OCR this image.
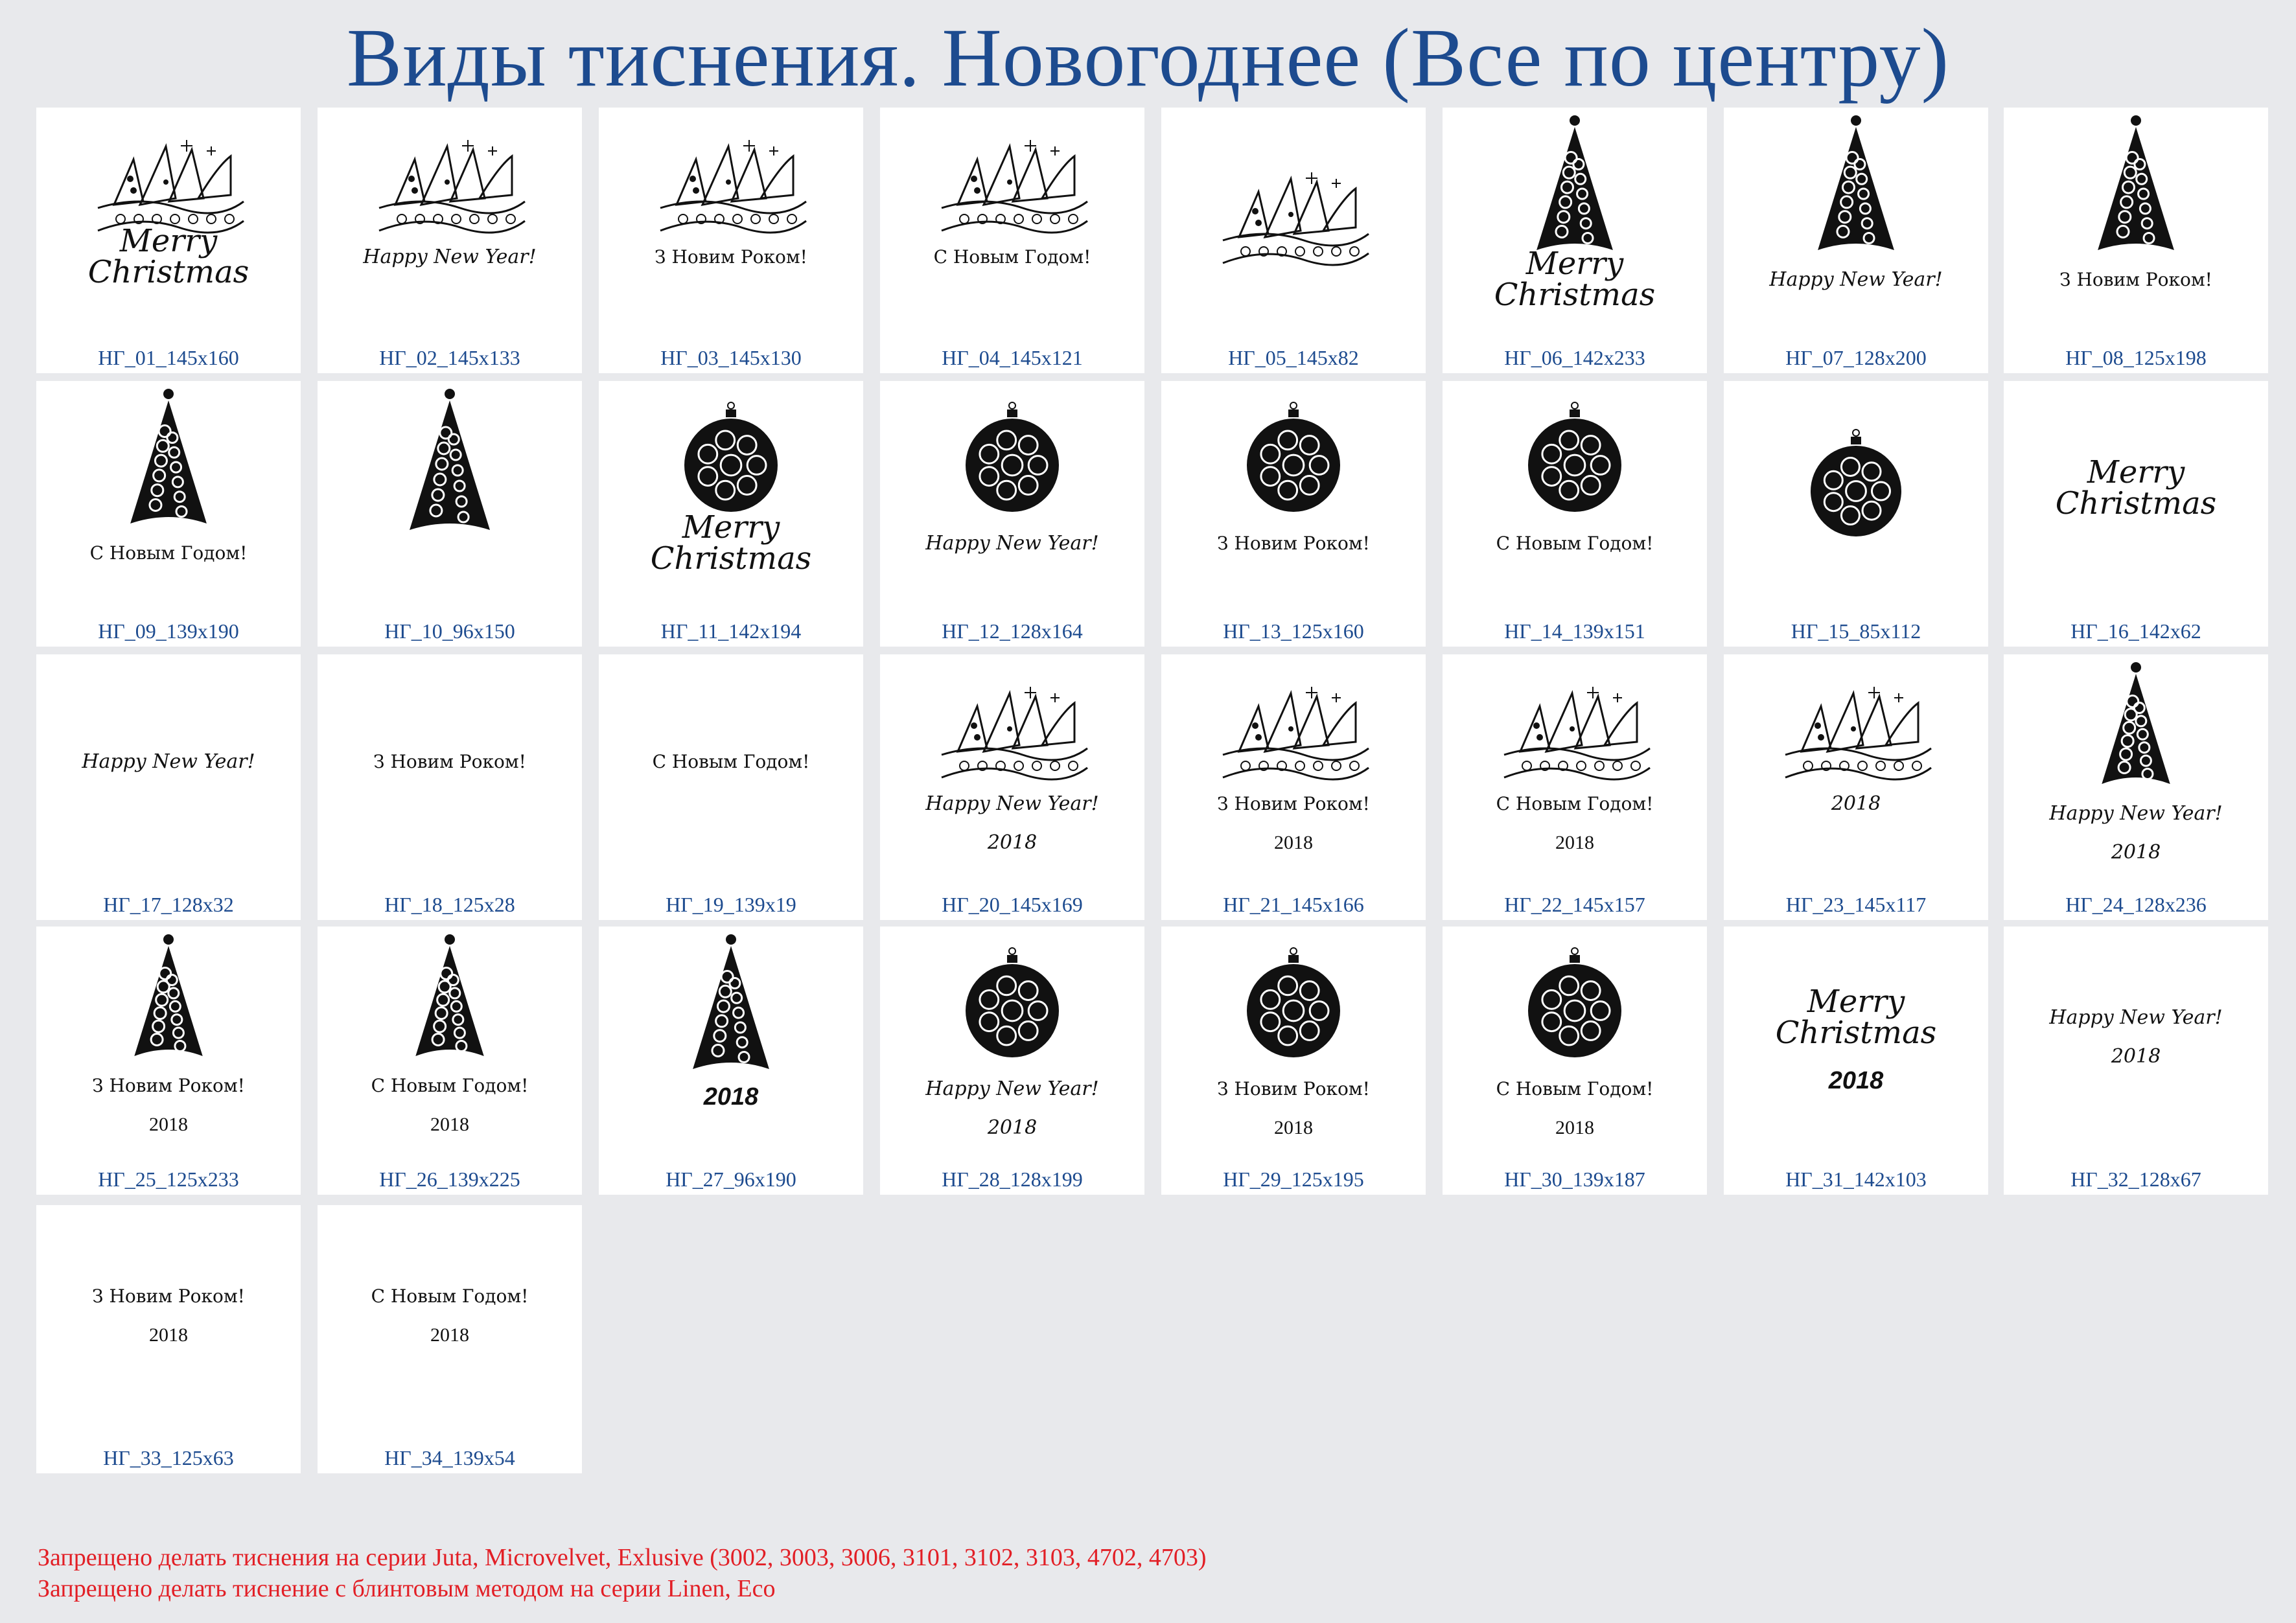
Виды тиснения. Новогоднее (Все по центру)
Merry
Christmas
НГ_01_145x160
Happy New Year!
НГ_02_145x133
З Новим Роком!
НГ_03_145x130
С Новым Годом!
НГ_04_145x121	НГ_05_145x82
Merry
Christmas
НГ_06_142x233
Happy New Year!
НГ_07_128x200
З Новим Роком!
НГ_08_125x198
С Новым Годом!
НГ_09_139x190	НГ_10_96x150
Merry
Christmas
НГ_11_142x194
Happy New Year!
НГ_12_128x164
З Новим Роком!
НГ_13_125x160
С Новым Годом!
НГ_14_139x151	НГ_15_85x112
Merry
Christmas
НГ_16_142x62
Happy New Year!
НГ_17_128x32
З Новим Роком!
НГ_18_125x28
С Новым Годом!
НГ_19_139x19
Happy New Year!
2018
НГ_20_145x169
З Новим Роком!
2018
НГ_21_145x166
С Новым Годом!
2018
НГ_22_145x157
2018
НГ_23_145x117
Happy New Year!
2018
НГ_24_128x236
З Новим Роком!
2018
НГ_25_125x233
С Новым Годом!
2018
НГ_26_139x225
2018
НГ_27_96x190
Happy New Year!
2018
НГ_28_128x199
З Новим Роком!
2018
НГ_29_125x195
С Новым Годом!
2018
НГ_30_139x187
Merry
Christmas
2018
НГ_31_142x103
Happy New Year!
2018
НГ_32_128x67
З Новим Роком!
2018
НГ_33_125x63
С Новым Годом!
2018
НГ_34_139x54
Запрещено делать тиснения на серии Juta, Microvelvet, Exlusive (3002, 3003, 3006, 3101, 3102, 3103, 4702, 4703)
Запрещено делать тиснение с блинтовым методом на серии Linen, Eco
